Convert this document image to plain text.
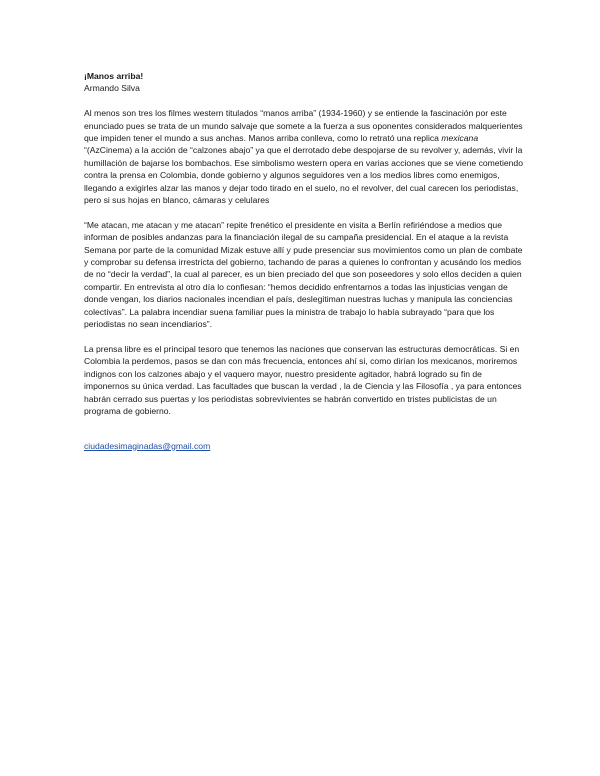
¡Manos arriba!

Armando Silva

Al menos son tres los filmes western titulados “manos arriba” (1934-1960) y se entiende la fascinación por este enunciado pues se trata de un mundo salvaje que somete a la fuerza a sus oponentes considerados malquerientes que impiden tener el mundo a sus anchas. Manos arriba conlleva, como lo retrató una replica mexicana “(AzCinema) a la acción de “calzones abajo” ya que el derrotado debe despojarse de su revolver y, además, vivir la humillación de bajarse los bombachos. Ese simbolismo western opera en varias acciones que se viene cometiendo contra la prensa en Colombia, donde gobierno y algunos seguidores ven a los medios libres como enemigos, llegando a exigirles alzar las manos y dejar todo tirado en el suelo, no el revolver, del cual carecen los periodistas, pero si sus hojas en blanco, cámaras y celulares

“Me atacan, me atacan y me atacan” repite frenético el presidente en visita a Berlín refiriéndose a medios que informan de posibles andanzas para la financiación ilegal de su campaña presidencial. En el ataque a la revista Semana por parte de la comunidad Mizak estuve allí y pude presenciar sus movimientos como un plan de combate y comprobar su defensa irrestricta del gobierno, tachando de paras a quienes lo confrontan y acusándo los medios de no “decir la verdad”, la cual al parecer, es un bien preciado del que son poseedores y solo ellos deciden a quien compartir. En entrevista al otro día lo confiesan: “hemos decidido enfrentarnos a todas las injusticias vengan de donde vengan, los diarios nacionales incendian el país, deslegitiman nuestras luchas y manipula las conciencias colectivas”. La palabra incendiar suena familiar pues la ministra de trabajo lo había subrayado “para que los periodistas no sean incendiarios”.

La prensa libre es el principal tesoro que tenemos las naciones que conservan las estructuras democráticas. Si en Colombia la perdemos, pasos se dan con más frecuencia, entonces ahí si, como dirían los mexicanos, moriremos indignos con los calzones abajo y el vaquero mayor, nuestro presidente agitador, habrá logrado su fin de imponernos su única verdad. Las facultades que buscan la verdad , la de Ciencia y las Filosofía , ya para entonces habrán cerrado sus puertas y los periodistas sobrevivientes se habrán convertido en tristes publicistas de un programa de gobierno.

ciudadesimaginadas@gmail.com
